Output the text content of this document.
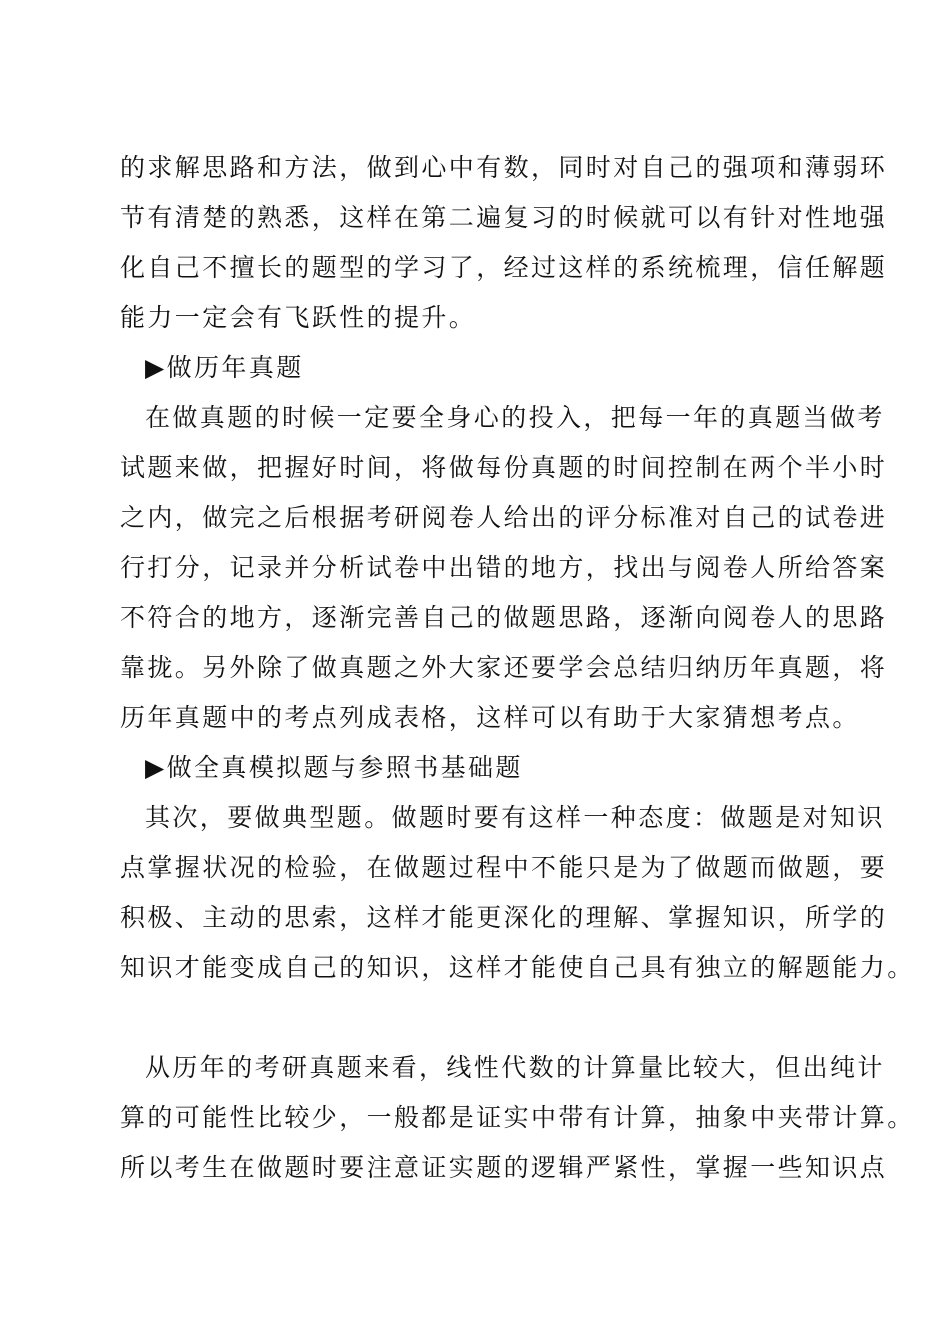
的求解思路和方法，做到心中有数，同时对自己的强项和薄弱环
节有清楚的熟悉，这样在第二遍复习的时候就可以有针对性地强
化自己不擅长的题型的学习了，经过这样的系统梳理，信任解题
能力一定会有飞跃性的提升。
▶做历年真题
在做真题的时候一定要全身心的投入，把每一年的真题当做考
试题来做，把握好时间，将做每份真题的时间控制在两个半小时
之内，做完之后根据考研阅卷人给出的评分标准对自己的试卷进
行打分，记录并分析试卷中出错的地方，找出与阅卷人所给答案
不符合的地方，逐渐完善自己的做题思路，逐渐向阅卷人的思路
靠拢。另外除了做真题之外大家还要学会总结归纳历年真题，将
历年真题中的考点列成表格，这样可以有助于大家猜想考点。
▶做全真模拟题与参照书基础题
其次，要做典型题。做题时要有这样一种态度：做题是对知识
点掌握状况的检验，在做题过程中不能只是为了做题而做题，要
积极、主动的思索，这样才能更深化的理解、掌握知识，所学的
知识才能变成自己的知识，这样才能使自己具有独立的解题能力。
从历年的考研真题来看，线性代数的计算量比较大，但出纯计
算的可能性比较少，一般都是证实中带有计算，抽象中夹带计算。
所以考生在做题时要注意证实题的逻辑严紧性，掌握一些知识点
